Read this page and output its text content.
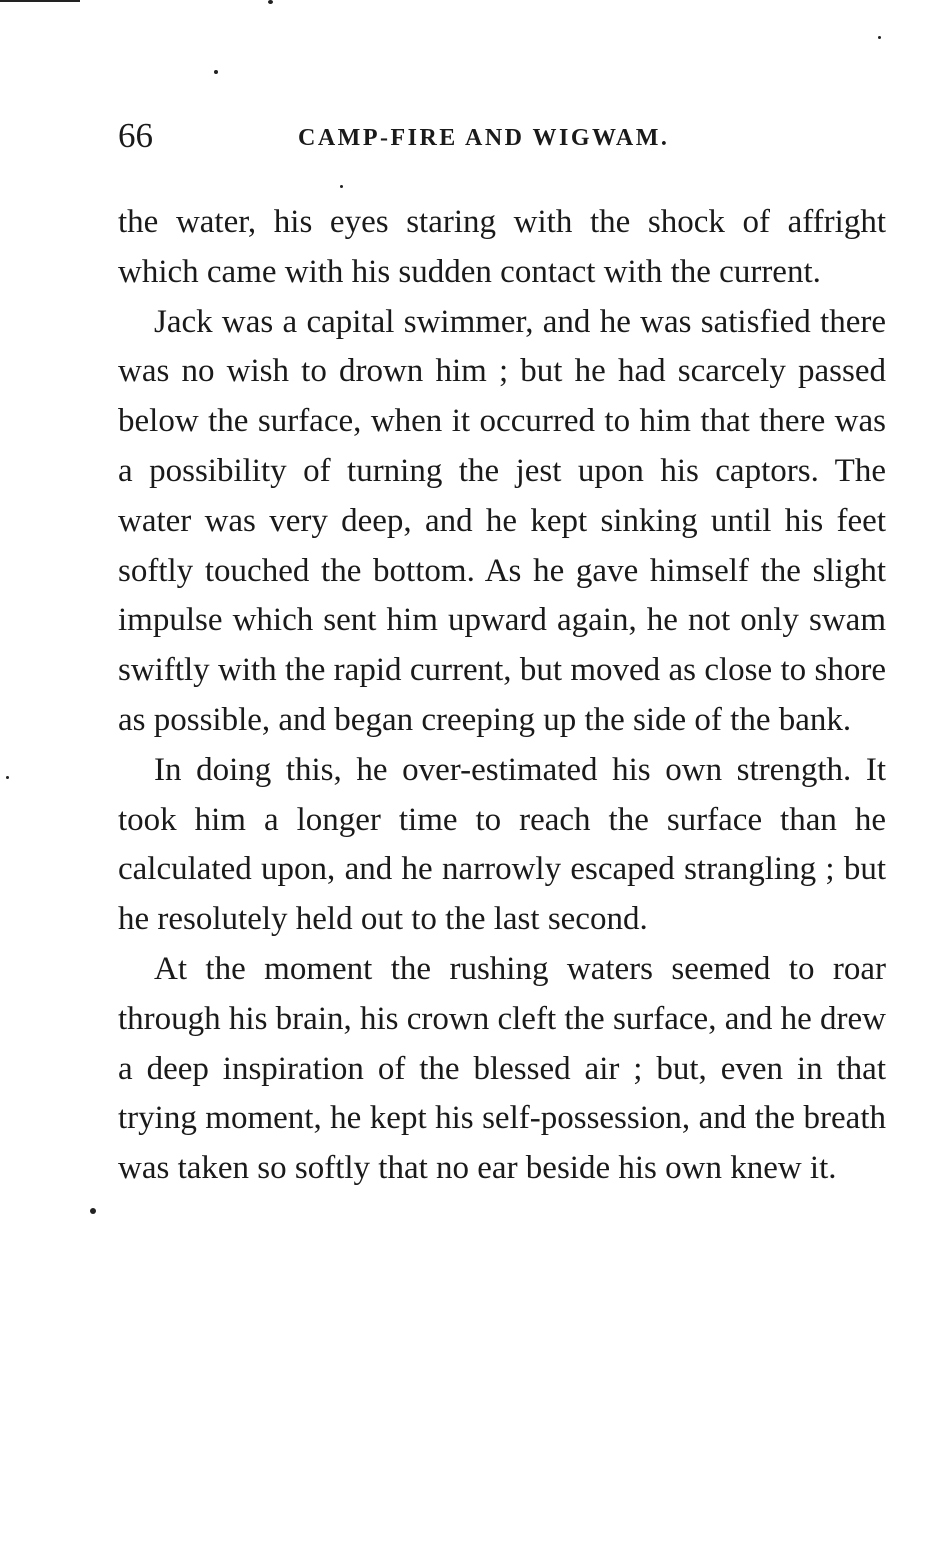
66	CAMP-FIRE AND WIGWAM.

the water, his eyes staring with the shock of affright which came with his sudden contact with the current.

Jack was a capital swimmer, and he was satisfied there was no wish to drown him ; but he had scarcely passed below the surface, when it occurred to him that there was a possibility of turning the jest upon his captors. The water was very deep, and he kept sinking until his feet softly touched the bottom. As he gave himself the slight impulse which sent him upward again, he not only swam swiftly with the rapid current, but moved as close to shore as possible, and began creeping up the side of the bank.

In doing this, he over-estimated his own strength. It took him a longer time to reach the surface than he calculated upon, and he narrowly escaped strangling ; but he resolutely held out to the last second.

At the moment the rushing waters seemed to roar through his brain, his crown cleft the surface, and he drew a deep inspiration of the blessed air ; but, even in that trying moment, he kept his self-possession, and the breath was taken so softly that no ear beside his own knew it.
